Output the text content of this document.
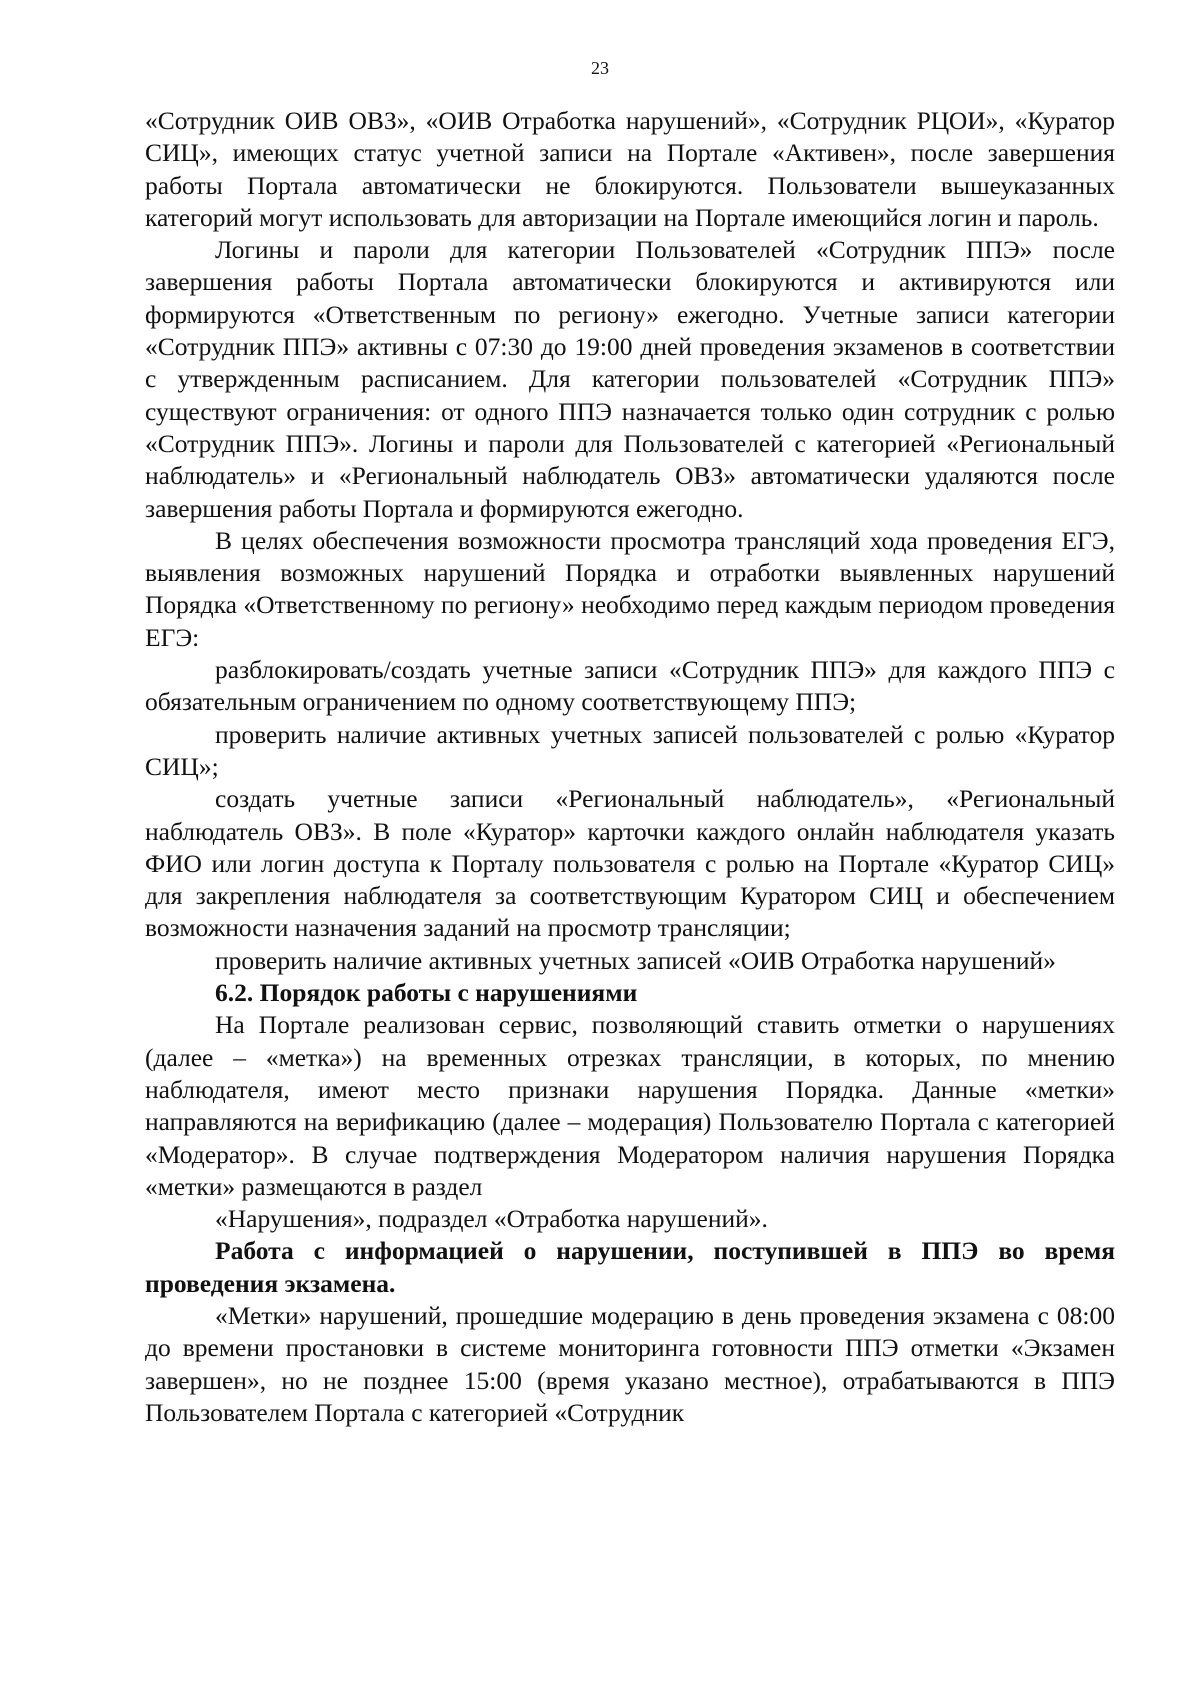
23

«Сотрудник ОИВ ОВЗ», «ОИВ Отработка нарушений», «Сотрудник РЦОИ», «Куратор СИЦ», имеющих статус учетной записи на Портале «Активен», после завершения работы Портала автоматически не блокируются. Пользователи вышеуказанных категорий могут использовать для авторизации на Портале имеющийся логин и пароль.

Логины и пароли для категории Пользователей «Сотрудник ППЭ» после завершения работы Портала автоматически блокируются и активируются или формируются «Ответственным по региону» ежегодно. Учетные записи категории «Сотрудник ППЭ» активны с 07:30 до 19:00 дней проведения экзаменов в соответствии с утвержденным расписанием. Для категории пользователей «Сотрудник ППЭ» существуют ограничения: от одного ППЭ назначается только один сотрудник с ролью «Сотрудник ППЭ». Логины и пароли для Пользователей с категорией «Региональный наблюдатель» и «Региональный наблюдатель ОВЗ» автоматически удаляются после завершения работы Портала и формируются ежегодно.

В целях обеспечения возможности просмотра трансляций хода проведения ЕГЭ, выявления возможных нарушений Порядка и отработки выявленных нарушений Порядка «Ответственному по региону» необходимо перед каждым периодом проведения ЕГЭ:

разблокировать/создать учетные записи «Сотрудник ППЭ» для каждого ППЭ с обязательным ограничением по одному соответствующему ППЭ;

проверить наличие активных учетных записей пользователей с ролью «Куратор СИЦ»;

создать учетные записи «Региональный наблюдатель», «Региональный наблюдатель ОВЗ». В поле «Куратор» карточки каждого онлайн наблюдателя указать ФИО или логин доступа к Порталу пользователя с ролью на Портале «Куратор СИЦ» для закрепления наблюдателя за соответствующим Куратором СИЦ и обеспечением возможности назначения заданий на просмотр трансляции;

проверить наличие активных учетных записей «ОИВ Отработка нарушений»

6.2. Порядок работы с нарушениями

На Портале реализован сервис, позволяющий ставить отметки о нарушениях (далее – «метка») на временных отрезках трансляции, в которых, по мнению наблюдателя, имеют место признаки нарушения Порядка. Данные «метки» направляются на верификацию (далее – модерация) Пользователю Портала с категорией «Модератор». В случае подтверждения Модератором наличия нарушения Порядка «метки» размещаются в раздел

«Нарушения», подраздел «Отработка нарушений».

Работа с информацией о нарушении, поступившей в ППЭ во время проведения экзамена.

«Метки» нарушений, прошедшие модерацию в день проведения экзамена с 08:00 до времени простановки в системе мониторинга готовности ППЭ отметки «Экзамен завершен», но не позднее 15:00 (время указано местное), отрабатываются в ППЭ Пользователем Портала с категорией «Сотрудник
